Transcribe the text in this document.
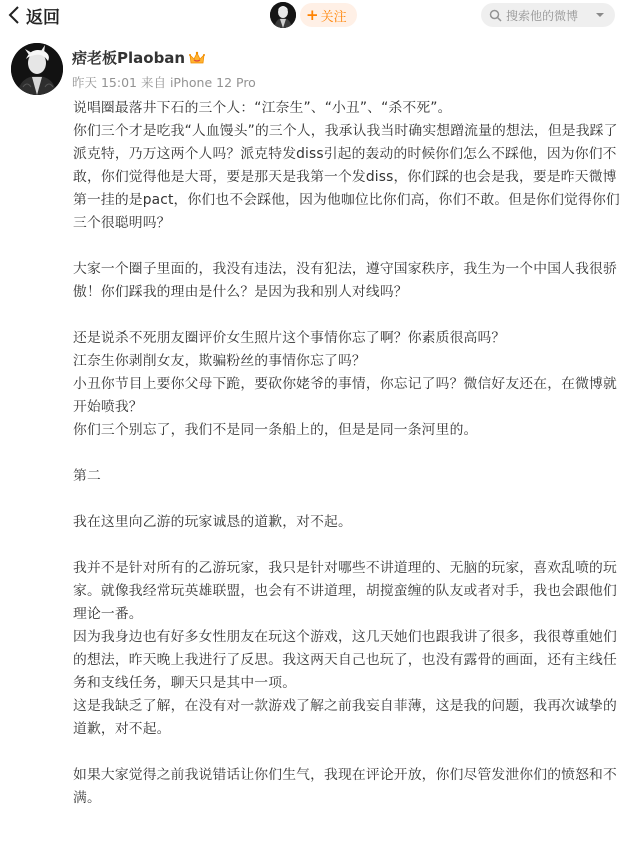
返回	+ 关注	搜索他的微博
痞老板Plaoban
昨天 15:01 来自 iPhone 12 Pro

说唱圈最落井下石的三个人：“江奈生”、“小丑”、“杀不死”。

你们三个才是吃我“人血馒头”的三个人，我承认我当时确实想蹭流量的想法，但是我踩了派克特，乃万这两个人吗？派克特发diss引起的轰动的时候你们怎么不踩他，因为你们不敢，你们觉得他是大哥，要是那天是我第一个发diss，你们踩的也会是我，要是昨天微博第一挂的是pact，你们也不会踩他，因为他咖位比你们高，你们不敢。但是你们觉得你们三个很聪明吗？

大家一个圈子里面的，我没有违法，没有犯法，遵守国家秩序，我生为一个中国人我很骄傲！你们踩我的理由是什么？是因为我和别人对线吗？

还是说杀不死朋友圈评价女生照片这个事情你忘了啊？你素质很高吗？

江奈生你剥削女友，欺骗粉丝的事情你忘了吗？

小丑你节目上要你父母下跪，要砍你姥爷的事情，你忘记了吗？微信好友还在，在微博就开始喷我？

你们三个别忘了，我们不是同一条船上的，但是是同一条河里的。

第二

我在这里向乙游的玩家诚恳的道歉，对不起。

我并不是针对所有的乙游玩家，我只是针对哪些不讲道理的、无脑的玩家，喜欢乱喷的玩家。就像我经常玩英雄联盟，也会有不讲道理，胡搅蛮缠的队友或者对手，我也会跟他们理论一番。

因为我身边也有好多女性朋友在玩这个游戏，这几天她们也跟我讲了很多，我很尊重她们的想法，昨天晚上我进行了反思。我这两天自己也玩了，也没有露骨的画面，还有主线任务和支线任务，聊天只是其中一项。

这是我缺乏了解，在没有对一款游戏了解之前我妄自菲薄，这是我的问题，我再次诚挚的道歉，对不起。

如果大家觉得之前我说错话让你们生气，我现在评论开放，你们尽管发泄你们的愤怒和不满。
